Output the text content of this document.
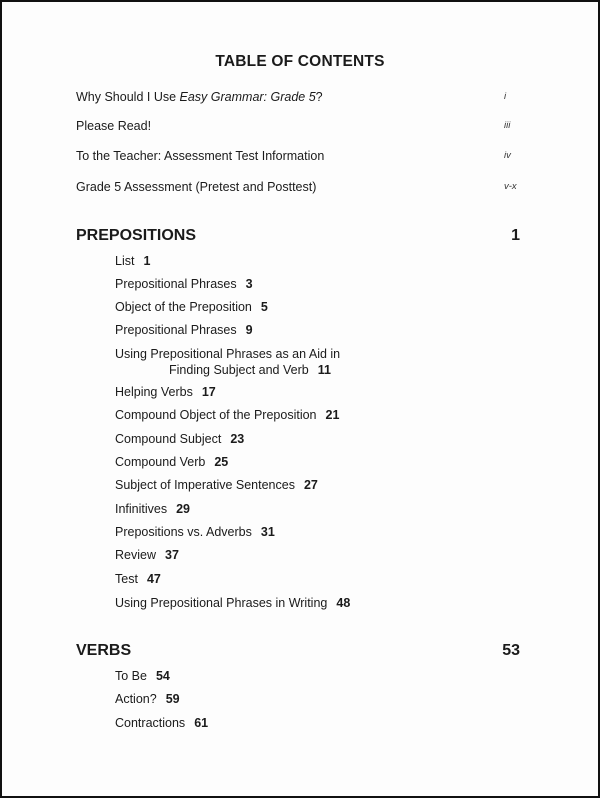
TABLE OF CONTENTS
Why Should I Use Easy Grammar: Grade 5?	i
Please Read!	iii
To the Teacher: Assessment Test Information	iv
Grade 5 Assessment (Pretest and Posttest)	v-x
PREPOSITIONS	1
List 1
Prepositional Phrases 3
Object of the Preposition 5
Prepositional Phrases 9
Using Prepositional Phrases as an Aid in
Finding Subject and Verb 11
Helping Verbs 17
Compound Object of the Preposition 21
Compound Subject 23
Compound Verb 25
Subject of Imperative Sentences 27
Infinitives 29
Prepositions vs. Adverbs 31
Review 37
Test 47
Using Prepositional Phrases in Writing 48
VERBS	53
To Be 54
Action? 59
Contractions 61
